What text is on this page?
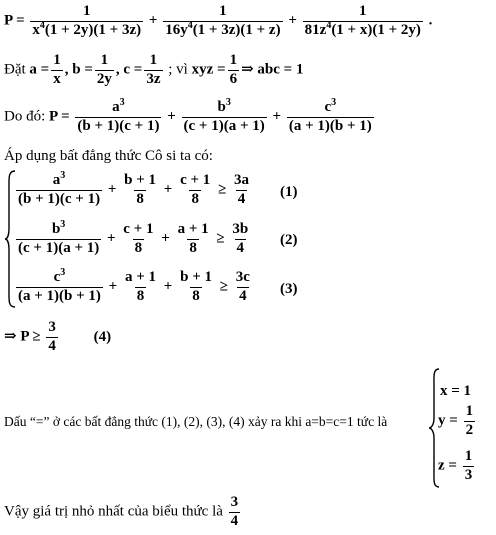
$P = \frac{1}{x^4(1 + 2y)(1 + 3z)} + \frac{1}{16y^4(1 + 3z)(1 + z)} + \frac{1}{81z^4(1 + x)(1 + 2y)}$ .
Đặt $a = \frac{1}{x}$ , $b = \frac{1}{2y}$ , $c = \frac{1}{3z}$ ; vì xyz = $\frac{1}{6}$ ⇒ abc = 1
Do đó: $P = \frac{a^3}{(b + 1)(c + 1)} + \frac{b^3}{(c + 1)(a + 1)} + \frac{c^3}{(a + 1)(b + 1)}$
Áp dụng bất đẳng thức Cô si ta có:
$\frac{a^3}{(b + 1)(c + 1)} + \frac{b + 1}{8} + \frac{c + 1}{8} \ge \frac{3a}{4} (1)$
$\frac{b^3}{(c + 1)(a + 1)} + \frac{c + 1}{8} + \frac{a + 1}{8} \ge \frac{3b}{4} (2)$
$\frac{c^3}{(a + 1)(b + 1)} + \frac{a + 1}{8} + \frac{b + 1}{8} \ge \frac{3c}{4} (3)$
⇒ $P \ge \frac{3}{4} (4)$
Dấu “=” ở các bất đẳng thức (1), (2), (3), (4) xảy ra khi a=b=c=1 tức là
x = 1
$y = \frac{1}{2}$
$z = \frac{1}{3}$
Vậy giá trị nhỏ nhất của biểu thức là $\frac{3}{4}$
